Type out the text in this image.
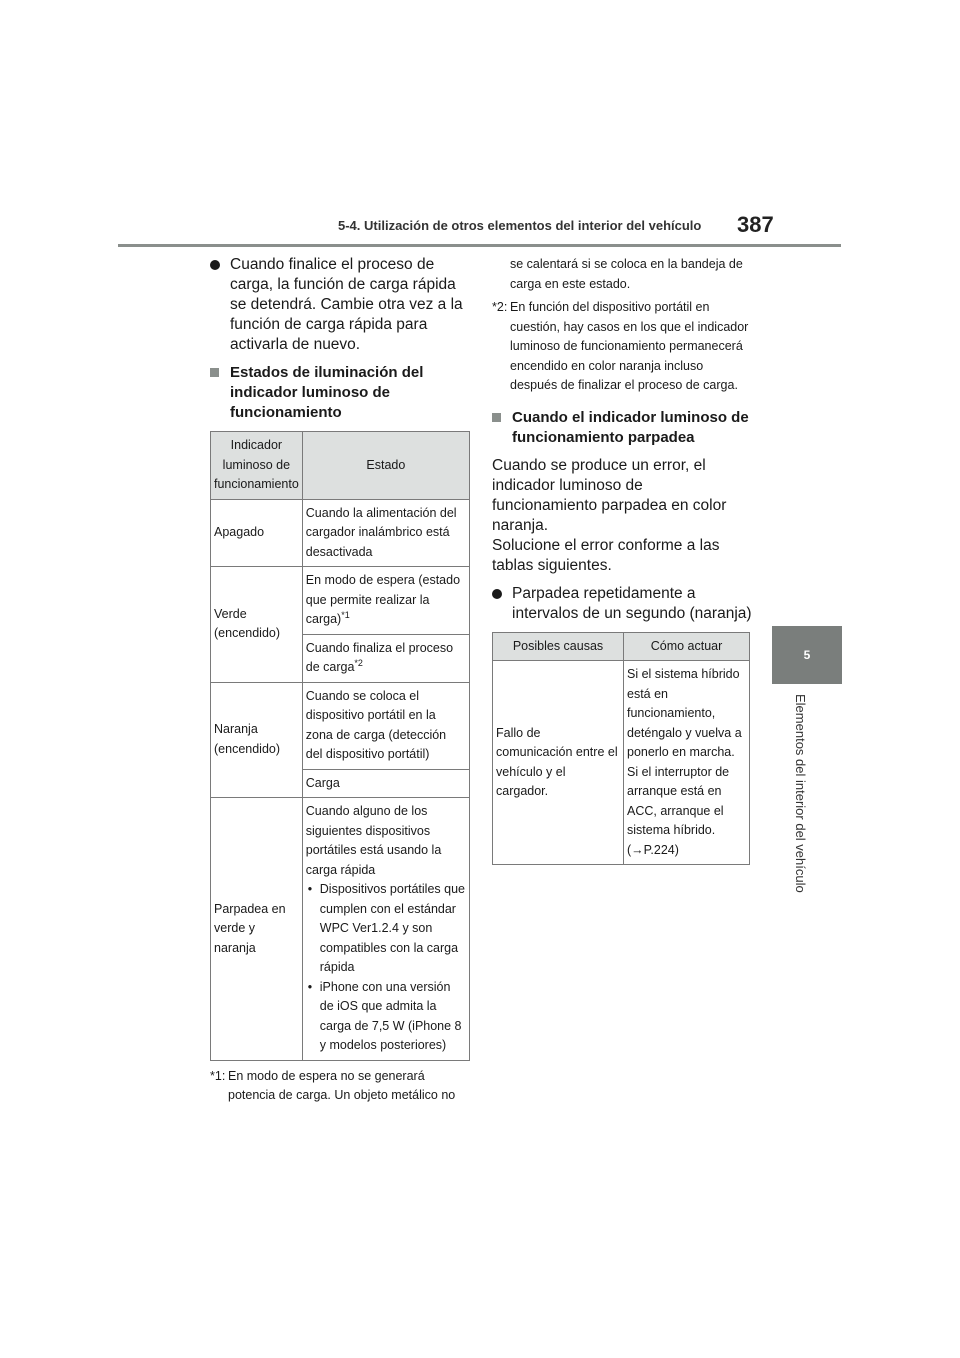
5-4. Utilización de otros elementos del interior del vehículo 387
5
Elementos del interior del vehículo
Cuando finalice el proceso de carga, la función de carga rápida se detendrá. Cambie otra vez a la función de carga rápida para activarla de nuevo.
Estados de iluminación del indicador luminoso de funcionamiento
Indicador luminoso de funcionamiento	Estado
Apagado	Cuando la alimentación del cargador inalámbrico está desactivada
Verde (encendido)	En modo de espera (estado que permite realizar la carga)$^{*1}$
	Cuando finaliza el proceso de carga$^{*2}$
Naranja (encendido)	Cuando se coloca el dispositivo portátil en la zona de carga (detección del dispositivo portátil)
	Carga
Parpadea en verde y naranja	Cuando alguno de los siguientes dispositivos portátiles está usando la carga rápida
• Dispositivos portátiles que cumplen con el estándar WPC Ver1.2.4 y son compatibles con la carga rápida
• iPhone con una versión de iOS que admita la carga de 7,5 W (iPhone 8 y modelos posteriores)
*1: En modo de espera no se generará potencia de carga. Un objeto metálico no
se calentará si se coloca en la bandeja de carga en este estado.
*2: En función del dispositivo portátil en cuestión, hay casos en los que el indicador luminoso de funcionamiento permanecerá encendido en color naranja incluso después de finalizar el proceso de carga.
Cuando el indicador luminoso de funcionamiento parpadea

Cuando se produce un error, el indicador luminoso de funcionamiento parpadea en color naranja.

Solucione el error conforme a las tablas siguientes.

Parpadea repetidamente a intervalos de un segundo (naranja)
Posibles causas	Cómo actuar
Fallo de comunicación entre el vehículo y el cargador.	Si el sistema híbrido está en funcionamiento, deténgalo y vuelva a ponerlo en marcha. Si el interruptor de arranque está en ACC, arranque el sistema híbrido. (→P.224)
